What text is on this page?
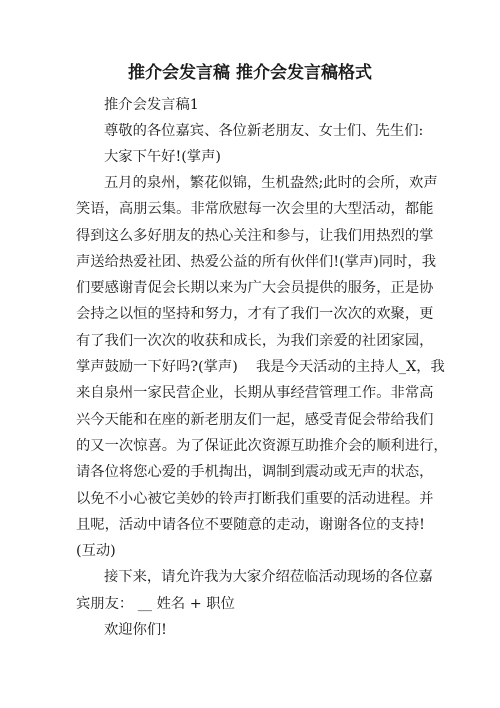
推介会发言稿 推介会发言稿格式

推介会发言稿1

尊敬的各位嘉宾、各位新老朋友、女士们、先生们:

大家下午好!(掌声)

五月的泉州，繁花似锦，生机盎然;此时的会所，欢声
笑语，高朋云集。非常欣慰每一次会里的大型活动，都能
得到这么多好朋友的热心关注和参与，让我们用热烈的掌
声送给热爱社团、热爱公益的所有伙伴们!(掌声)同时，我
们要感谢青促会长期以来为广大会员提供的服务，正是协
会持之以恒的坚持和努力，才有了我们一次次的欢聚，更
有了我们一次次的收获和成长，为我们亲爱的社团家园，
掌声鼓励一下好吗?(掌声)    我是今天活动的主持人_X，我
来自泉州一家民营企业，长期从事经营管理工作。非常高
兴今天能和在座的新老朋友们一起，感受青促会带给我们
的又一次惊喜。为了保证此次资源互助推介会的顺利进行，
请各位将您心爱的手机掏出，调制到震动或无声的状态，
以免不小心被它美妙的铃声打断我们重要的活动进程。并
且呢，活动中请各位不要随意的走动，谢谢各位的支持!
(互动)
接下来，请允许我为大家介绍莅临活动现场的各位嘉
宾朋友： __ 姓名 + 职位
欢迎你们!
